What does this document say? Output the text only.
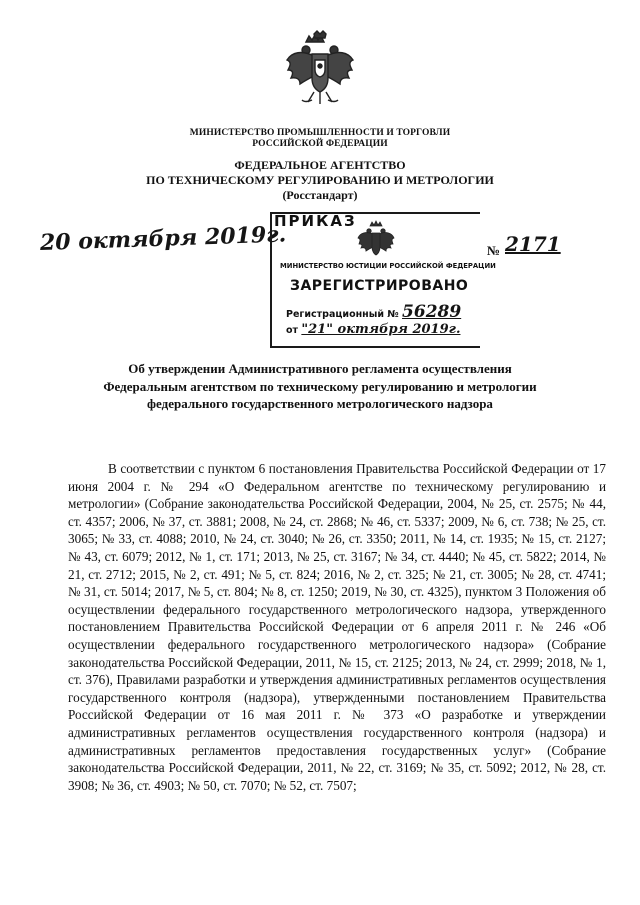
МИНИСТЕРСТВО ПРОМЫШЛЕННОСТИ И ТОРГОВЛИ
РОССИЙСКОЙ ФЕДЕРАЦИИ
ФЕДЕРАЛЬНОЕ АГЕНТСТВО
ПО ТЕХНИЧЕСКОМУ РЕГУЛИРОВАНИЮ И МЕТРОЛОГИИ
(Росстандарт)
20 октября 2019г.
ПРИКАЗ
МИНИСТЕРСТВО ЮСТИЦИИ РОССИЙСКОЙ ФЕДЕРАЦИИ
ЗАРЕГИСТРИРОВАНО
Регистрационный № 56289
от "21" октября 2019г.
№ 2171
Об утверждении Административного регламента осуществления
Федеральным агентством по техническому регулированию и метрологии
федерального государственного метрологического надзора

В соответствии с пунктом 6 постановления Правительства Российской Федерации от 17 июня 2004 г. № 294 «О Федеральном агентстве по техническому регулированию и метрологии» (Собрание законодательства Российской Федерации, 2004, № 25, ст. 2575; № 44, ст. 4357; 2006, № 37, ст. 3881; 2008, № 24, ст. 2868; № 46, ст. 5337; 2009, № 6, ст. 738; № 25, ст. 3065; № 33, ст. 4088; 2010, № 24, ст. 3040; № 26, ст. 3350; 2011, № 14, ст. 1935; № 15, ст. 2127; № 43, ст. 6079; 2012, № 1, ст. 171; 2013, № 25, ст. 3167; № 34, ст. 4440; № 45, ст. 5822; 2014, № 21, ст. 2712; 2015, № 2, ст. 491; № 5, ст. 824; 2016, № 2, ст. 325; № 21, ст. 3005; № 28, ст. 4741; № 31, ст. 5014; 2017, № 5, ст. 804; № 8, ст. 1250; 2019, № 30, ст. 4325), пунктом 3 Положения об осуществлении федерального государственного метрологического надзора, утвержденного постановлением Правительства Российской Федерации от 6 апреля 2011 г. № 246 «Об осуществлении федерального государственного метрологического надзора» (Собрание законодательства Российской Федерации, 2011, № 15, ст. 2125; 2013, № 24, ст. 2999; 2018, № 1, ст. 376), Правилами разработки и утверждения административных регламентов осуществления государственного контроля (надзора), утвержденными постановлением Правительства Российской Федерации от 16 мая 2011 г. № 373 «О разработке и утверждении административных регламентов осуществления государственного контроля (надзора) и административных регламентов предоставления государственных услуг» (Собрание законодательства Российской Федерации, 2011, № 22, ст. 3169; № 35, ст. 5092; 2012, № 28, ст. 3908; № 36, ст. 4903; № 50, ст. 7070; № 52, ст. 7507;
